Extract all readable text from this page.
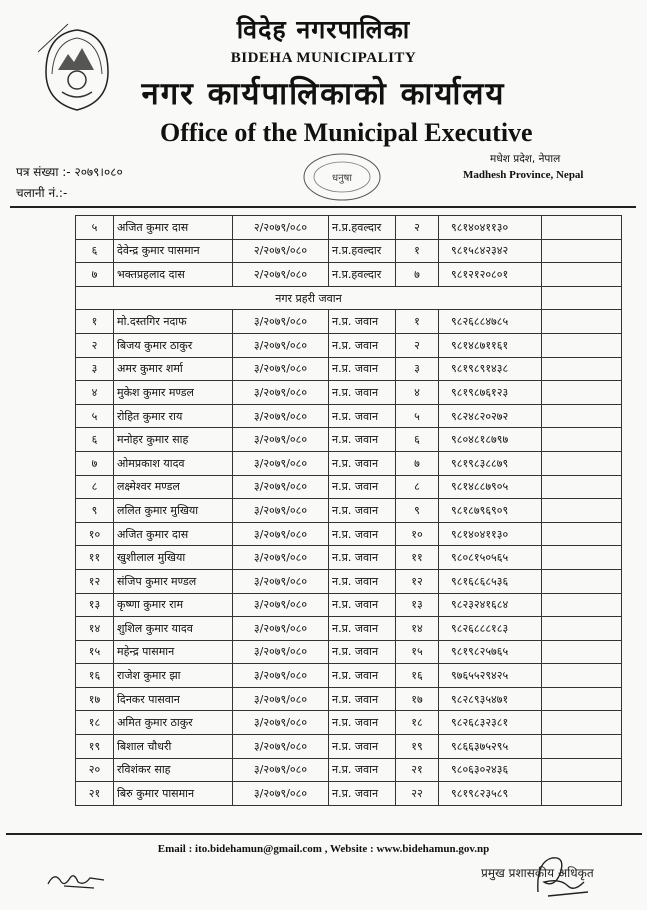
विदेह नगरपालिका
BIDEHA MUNICIPALITY
नगर कार्यपालिकाको कार्यालय
Office of the Municipal Executive
धनुषा
मधेश प्रदेश, नेपाल
Madhesh Province, Nepal
पत्र संख्या :- २०७९।०८०
चलानी नं.:-
५	अजित कुमार दास	२/२०७९/०८०	न.प्र.हवल्दार	२	९८१४०४११३०	
६	देवेन्द्र कुमार पासमान	२/२०७९/०८०	न.प्र.हवल्दार	१	९८१५८४२३४२	
७	भक्तप्रहलाद दास	२/२०७९/०८०	न.प्र.हवल्दार	७	९८१२१२०८०१	
नगर प्रहरी जवान						
१	मो.दस्तगिर नदाफ	३/२०७९/०८०	न.प्र. जवान	१	९८२६८८४७८५	
२	बिजय कुमार ठाकुर	३/२०७९/०८०	न.प्र. जवान	२	९८१४८७११६१	
३	अमर कुमार शर्मा	३/२०७९/०८०	न.प्र. जवान	३	९८१९८९१४३८	
४	मुकेश कुमार मण्डल	३/२०७९/०८०	न.प्र. जवान	४	९८१९८७६१२३	
५	रोहित कुमार राय	३/२०७९/०८०	न.प्र. जवान	५	९८२४८२०२७२	
६	मनोहर कुमार साह	३/२०७९/०८०	न.प्र. जवान	६	९८०४८१८७९७	
७	ओमप्रकाश यादव	३/२०७९/०८०	न.प्र. जवान	७	९८१९८३८८७९	
८	लक्ष्मेश्वर मण्डल	३/२०७९/०८०	न.प्र. जवान	८	९८१४८८७९०५	
९	ललित कुमार मुखिया	३/२०७९/०८०	न.प्र. जवान	९	९८१८७९६९०९	
१०	अजित कुमार दास	३/२०७९/०८०	न.प्र. जवान	१०	९८१४०४११३०	
११	खुशीलाल मुखिया	३/२०७९/०८०	न.प्र. जवान	११	९८०८१५०५६५	
१२	संजिप कुमार मण्डल	३/२०७९/०८०	न.प्र. जवान	१२	९८१६८६८५३६	
१३	कृष्णा कुमार राम	३/२०७९/०८०	न.प्र. जवान	१३	९८२३२४१६८४	
१४	शुशिल कुमार यादव	३/२०७९/०८०	न.प्र. जवान	१४	९८२६८८८१८३	
१५	महेन्द्र पासमान	३/२०७९/०८०	न.प्र. जवान	१५	९८१९८२५७६५	
१६	राजेश कुमार झा	३/२०७९/०८०	न.प्र. जवान	१६	९७६५५२९४२५	
१७	दिनकर पासवान	३/२०७९/०८०	न.प्र. जवान	१७	९८२८९३५४७१	
१८	अमित कुमार ठाकुर	३/२०७९/०८०	न.प्र. जवान	१८	९८२६८३२३८१	
१९	बिशाल चौधरी	३/२०७९/०८०	न.प्र. जवान	१९	९८६६३७५२९५	
२०	रविशंकर साह	३/२०७९/०८०	न.प्र. जवान	२१	९८०६३०२४३६	
२१	बिरु कुमार पासमान	३/२०७९/०८०	न.प्र. जवान	२२	९८१९८२३५८९	
Email : ito.bidehamun@gmail.com , Website : www.bidehamun.gov.np
प्रमुख प्रशासकीय अधिकृत
